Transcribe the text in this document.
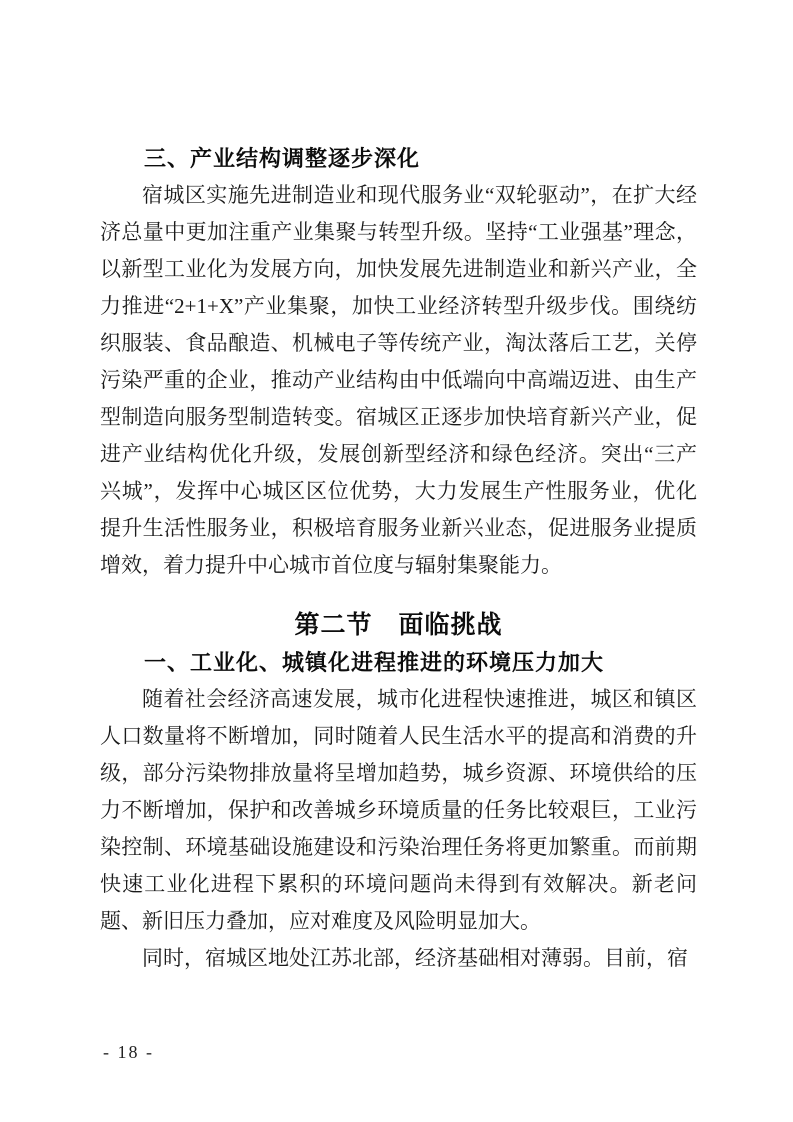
三、产业结构调整逐步深化

宿城区实施先进制造业和现代服务业“双轮驱动”，在扩大经济总量中更加注重产业集聚与转型升级。坚持“工业强基”理念，以新型工业化为发展方向，加快发展先进制造业和新兴产业，全力推进“2+1+X”产业集聚，加快工业经济转型升级步伐。围绕纺织服装、食品酿造、机械电子等传统产业，淘汰落后工艺，关停污染严重的企业，推动产业结构由中低端向中高端迈进、由生产型制造向服务型制造转变。宿城区正逐步加快培育新兴产业，促进产业结构优化升级，发展创新型经济和绿色经济。突出“三产兴城”，发挥中心城区区位优势，大力发展生产性服务业，优化提升生活性服务业，积极培育服务业新兴业态，促进服务业提质增效，着力提升中心城市首位度与辐射集聚能力。

第二节　面临挑战
一、工业化、城镇化进程推进的环境压力加大

随着社会经济高速发展，城市化进程快速推进，城区和镇区人口数量将不断增加，同时随着人民生活水平的提高和消费的升级，部分污染物排放量将呈增加趋势，城乡资源、环境供给的压力不断增加，保护和改善城乡环境质量的任务比较艰巨，工业污染控制、环境基础设施建设和污染治理任务将更加繁重。而前期快速工业化进程下累积的环境问题尚未得到有效解决。新老问题、新旧压力叠加，应对难度及风险明显加大。

同时，宿城区地处江苏北部，经济基础相对薄弱。目前，宿

- 18 -
